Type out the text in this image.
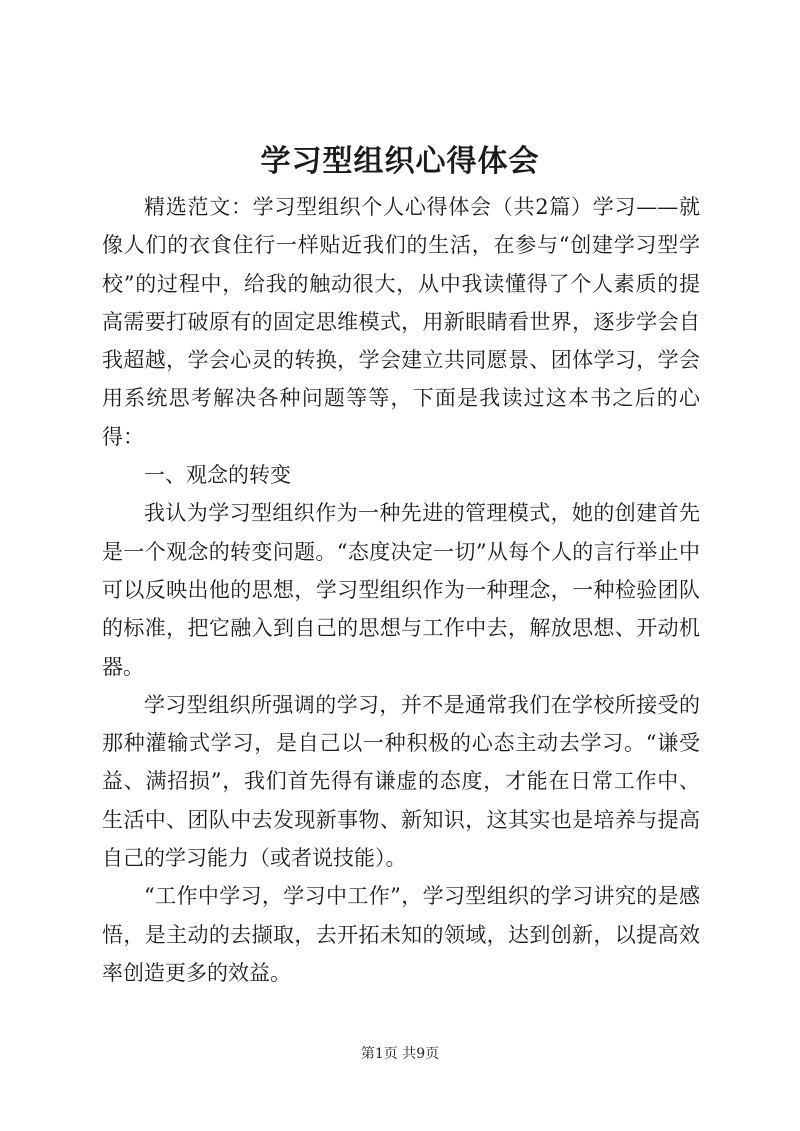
学习型组织心得体会

精选范文：学习型组织个人心得体会（共2篇）学习——就像人们的衣食住行一样贴近我们的生活，在参与“创建学习型学校”的过程中，给我的触动很大，从中我读懂得了个人素质的提高需要打破原有的固定思维模式，用新眼睛看世界，逐步学会自我超越，学会心灵的转换，学会建立共同愿景、团体学习，学会用系统思考解决各种问题等等，下面是我读过这本书之后的心得：

一、观念的转变

我认为学习型组织作为一种先进的管理模式，她的创建首先是一个观念的转变问题。“态度决定一切”从每个人的言行举止中可以反映出他的思想，学习型组织作为一种理念，一种检验团队的标准，把它融入到自己的思想与工作中去，解放思想、开动机器。

学习型组织所强调的学习，并不是通常我们在学校所接受的那种灌输式学习，是自己以一种积极的心态主动去学习。“谦受益、满招损”，我们首先得有谦虚的态度，才能在日常工作中、生活中、团队中去发现新事物、新知识，这其实也是培养与提高自己的学习能力（或者说技能）。

“工作中学习，学习中工作”，学习型组织的学习讲究的是感悟，是主动的去撷取，去开拓未知的领域，达到创新，以提高效率创造更多的效益。

第1页 共9页
